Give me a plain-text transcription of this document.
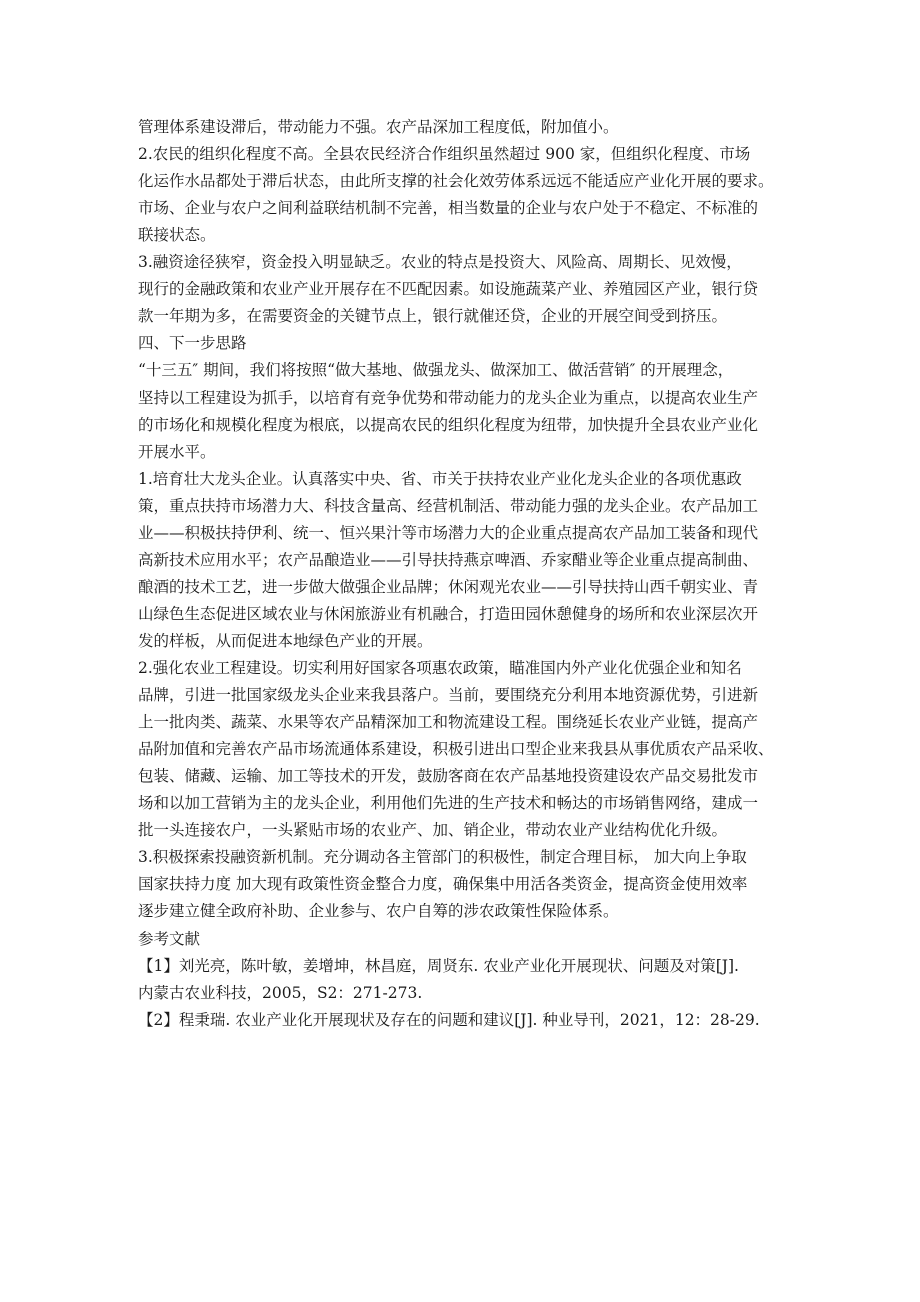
管理体系建设滞后，带动能力不强。农产品深加工程度低，附加值小。
2.农民的组织化程度不高。全县农民经济合作组织虽然超过 900 家，但组织化程度、市场
化运作水品都处于滞后状态，由此所支撑的社会化效劳体系远远不能适应产业化开展的要求。
市场、企业与农户之间利益联结机制不完善，相当数量的企业与农户处于不稳定、不标准的
联接状态。
3.融资途径狭窄，资金投入明显缺乏。农业的特点是投资大、风险高、周期长、见效慢，
现行的金融政策和农业产业开展存在不匹配因素。如设施蔬菜产业、养殖园区产业，银行贷
款一年期为多，在需要资金的关键节点上，银行就催还贷，企业的开展空间受到挤压。
四、下一步思路
“十三五″ 期间，我们将按照“做大基地、做强龙头、做深加工、做活营销″ 的开展理念，
坚持以工程建设为抓手，以培育有竞争优势和带动能力的龙头企业为重点，以提高农业生产
的市场化和规模化程度为根底，以提高农民的组织化程度为纽带，加快提升全县农业产业化
开展水平。
1.培育壮大龙头企业。认真落实中央、省、市关于扶持农业产业化龙头企业的各项优惠政
策，重点扶持市场潜力大、科技含量高、经营机制活、带动能力强的龙头企业。农产品加工
业——积极扶持伊利、统一、恒兴果汁等市场潜力大的企业重点提高农产品加工装备和现代
高新技术应用水平；农产品酿造业——引导扶持燕京啤酒、乔家醋业等企业重点提高制曲、
酿酒的技术工艺，进一步做大做强企业品牌；休闲观光农业——引导扶持山西千朝实业、青
山绿色生态促进区域农业与休闲旅游业有机融合，打造田园休憩健身的场所和农业深层次开
发的样板，从而促进本地绿色产业的开展。
2.强化农业工程建设。切实利用好国家各项惠农政策，瞄准国内外产业化优强企业和知名
品牌，引进一批国家级龙头企业来我县落户。当前，要围绕充分利用本地资源优势，引进新
上一批肉类、蔬菜、水果等农产品精深加工和物流建设工程。围绕延长农业产业链，提高产
品附加值和完善农产品市场流通体系建设，积极引进出口型企业来我县从事优质农产品采收、
包装、储藏、运输、加工等技术的开发，鼓励客商在农产品基地投资建设农产品交易批发市
场和以加工营销为主的龙头企业，利用他们先进的生产技术和畅达的市场销售网络，建成一
批一头连接农户，一头紧贴市场的农业产、加、销企业，带动农业产业结构优化升级。
3.积极探索投融资新机制。充分调动各主管部门的积极性，制定合理目标， 加大向上争取
国家扶持力度 加大现有政策性资金整合力度，确保集中用活各类资金，提高资金使用效率
逐步建立健全政府补助、企业参与、农户自筹的涉农政策性保险体系。
参考文献
【1】刘光亮，陈叶敏，姜增坤，林昌庭，周贤东. 农业产业化开展现状、问题及对策[J].
内蒙古农业科技，2005，S2：271-273.
【2】程秉瑞. 农业产业化开展现状及存在的问题和建议[J]. 种业导刊，2021，12：28-29.
